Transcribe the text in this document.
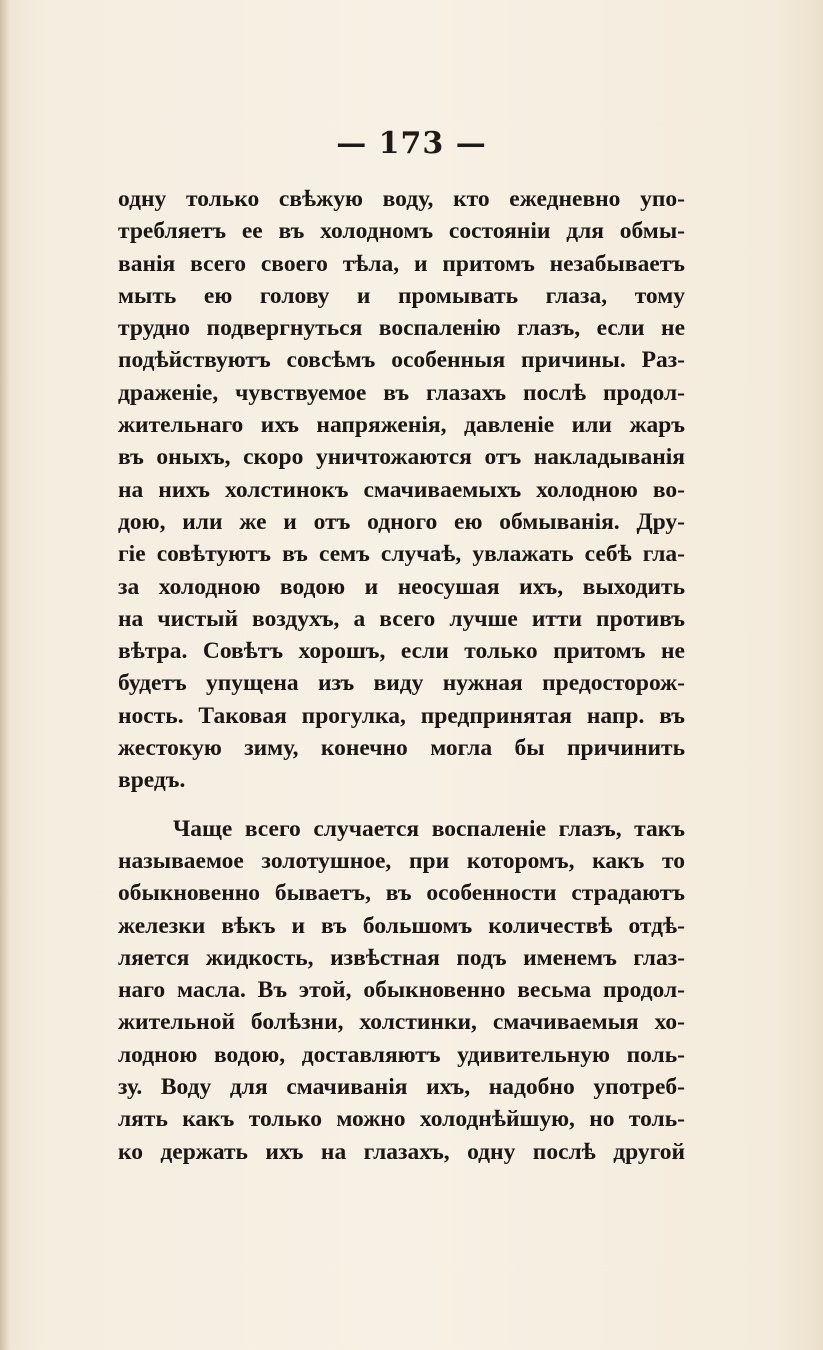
— 173 —
одну только свѣжую воду, кто ежедневно упо-
требляетъ ее въ холодномъ состоянiи для обмы-
ванiя всего своего тѣла, и притомъ незабываетъ
мыть ею голову и промывать глаза, тому
трудно подвергнуться воспаленiю глазъ, если не
подѣйствуютъ совсѣмъ особенныя причины. Раз-
драженiе, чувствуемое въ глазахъ послѣ продол-
жительнаго ихъ напряженiя, давленiе или жаръ
въ оныхъ, скоро уничтожаются отъ накладыванiя
на нихъ холстинокъ смачиваемыхъ холодною во-
дою, или же и отъ одного ею обмыванiя. Дру-
гiе совѣтуютъ въ семъ случаѣ, увлажать себѣ гла-
за холодною водою и неосушая ихъ, выходить
на чистый воздухъ, а всего лучше итти противъ
вѣтра. Совѣтъ хорошъ, если только притомъ не
будетъ упущена изъ виду нужная предосторож-
ность. Таковая прогулка, предпринятая напр. въ
жестокую зиму, конечно могла бы причинить
вредъ.
Чаще всего случается воспаленiе глазъ, такъ
называемое золотушное, при которомъ, какъ то
обыкновенно бываетъ, въ особенности страдаютъ
железки вѣкъ и въ большомъ количествѣ отдѣ-
ляется жидкость, извѣстная подъ именемъ глаз-
наго масла. Въ этой, обыкновенно весьма продол-
жительной болѣзни, холстинки, смачиваемыя хо-
лодною водою, доставляютъ удивительную поль-
зу. Воду для смачиванiя ихъ, надобно употреб-
лять какъ только можно холоднѣйшую, но толь-
ко держать ихъ на глазахъ, одну послѣ другой
